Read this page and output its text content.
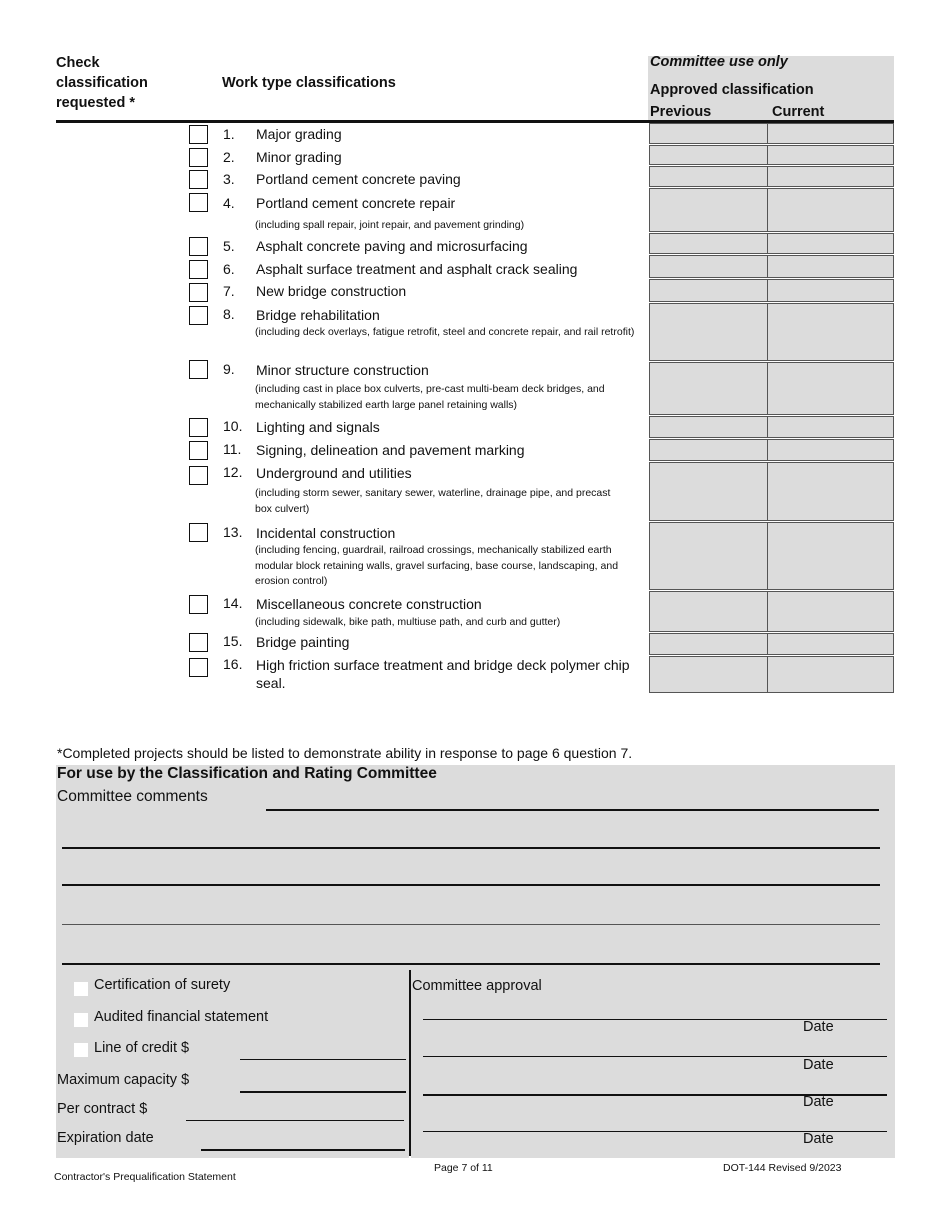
Check
classification
requested *
Work type classifications
Committee use only
Approved classification
Previous	Current
1. Major grading
2. Minor grading
3. Portland cement concrete paving
4. Portland cement concrete repair
(including spall repair, joint repair, and pavement grinding)
5. Asphalt concrete paving and microsurfacing
6. Asphalt surface treatment and asphalt crack sealing
7. New bridge construction
8. Bridge rehabilitation
(including deck overlays, fatigue retrofit, steel and concrete repair, and rail retrofit)
9. Minor structure construction
(including cast in place box culverts, pre-cast multi-beam deck bridges, and mechanically stabilized earth large panel retaining walls)
10. Lighting and signals
11. Signing, delineation and pavement marking
12. Underground and utilities
(including storm sewer, sanitary sewer, waterline, drainage pipe, and precast box culvert)
13. Incidental construction
(including fencing, guardrail, railroad crossings, mechanically stabilized earth modular block retaining walls, gravel surfacing, base course, landscaping, and erosion control)
14. Miscellaneous concrete construction
(including sidewalk, bike path, multiuse path, and curb and gutter)
15. Bridge painting
16. High friction surface treatment and bridge deck polymer chip seal.
*Completed projects should be listed to demonstrate ability in response to page 6 question 7.
For use by the Classification and Rating Committee
Committee comments
Certification of surety
Audited financial statement
Line of credit $
Maximum capacity $
Per contract $
Expiration date
Committee approval
Date
Date
Date
Date
Contractor's Prequalification Statement
Page 7 of 11	DOT-144 Revised 9/2023
